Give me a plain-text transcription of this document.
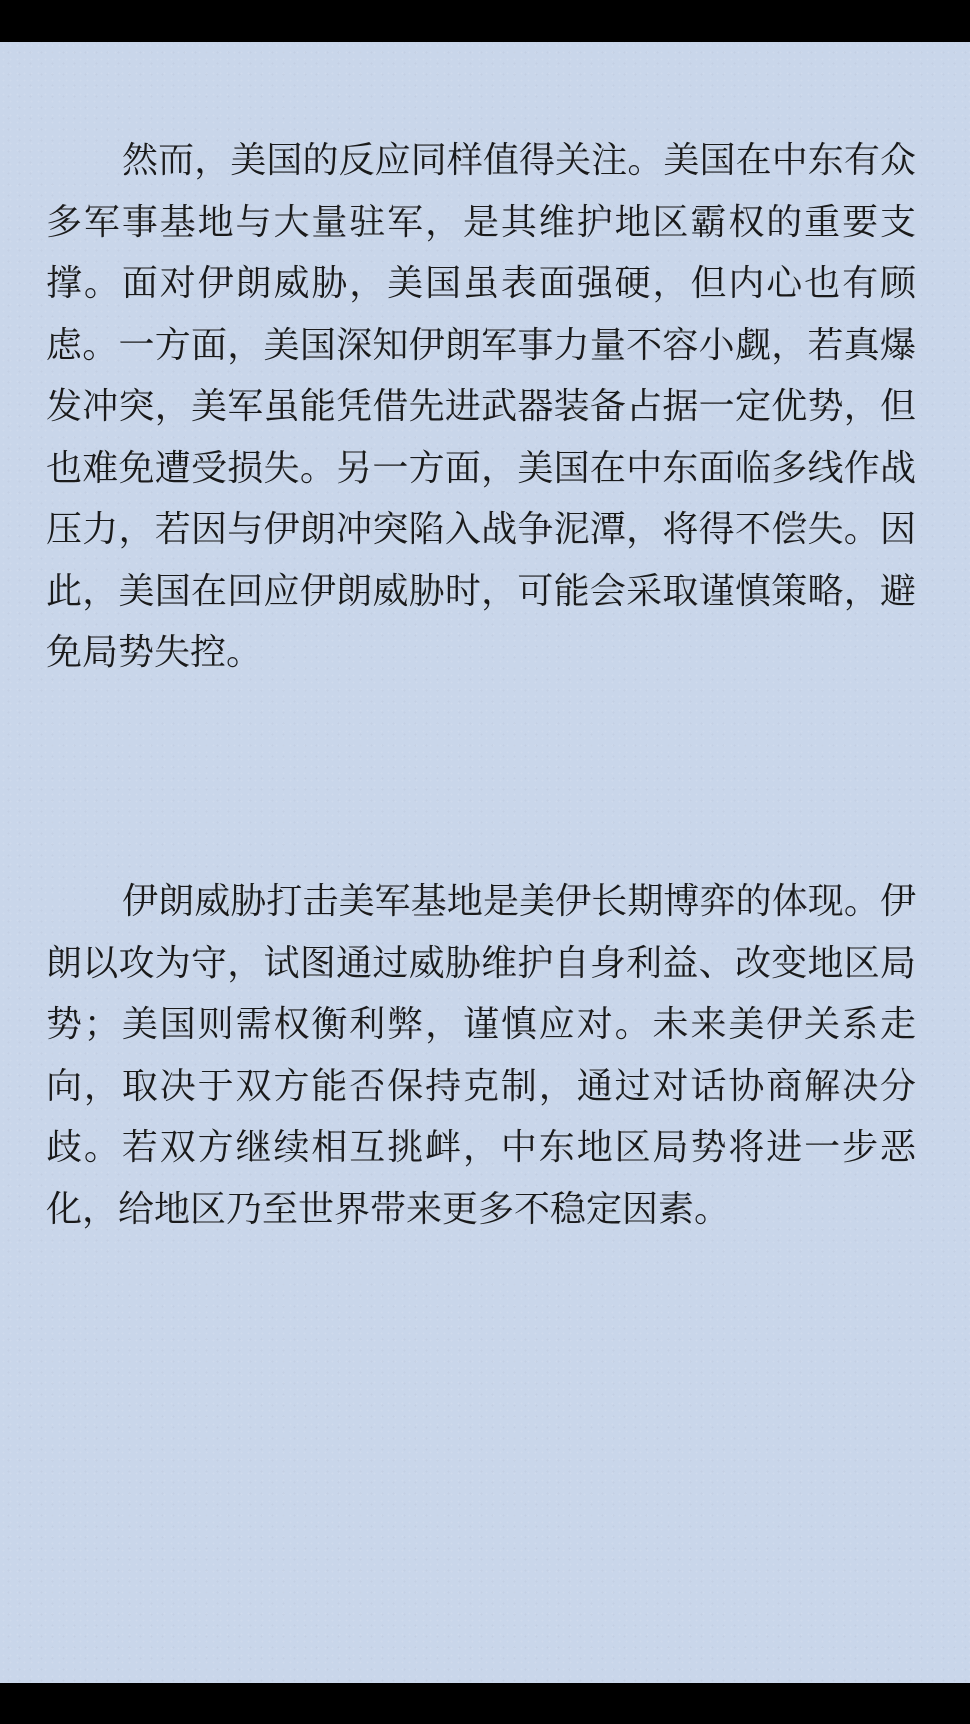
然而，美国的反应同样值得关注。美国在中东有众多军事基地与大量驻军，是其维护地区霸权的重要支撑。面对伊朗威胁，美国虽表面强硬，但内心也有顾虑。一方面，美国深知伊朗军事力量不容小觑，若真爆发冲突，美军虽能凭借先进武器装备占据一定优势，但也难免遭受损失。另一方面，美国在中东面临多线作战压力，若因与伊朗冲突陷入战争泥潭，将得不偿失。因此，美国在回应伊朗威胁时，可能会采取谨慎策略，避免局势失控。

伊朗威胁打击美军基地是美伊长期博弈的体现。伊朗以攻为守，试图通过威胁维护自身利益、改变地区局势；美国则需权衡利弊，谨慎应对。未来美伊关系走向，取决于双方能否保持克制，通过对话协商解决分歧。若双方继续相互挑衅，中东地区局势将进一步恶化，给地区乃至世界带来更多不稳定因素。
